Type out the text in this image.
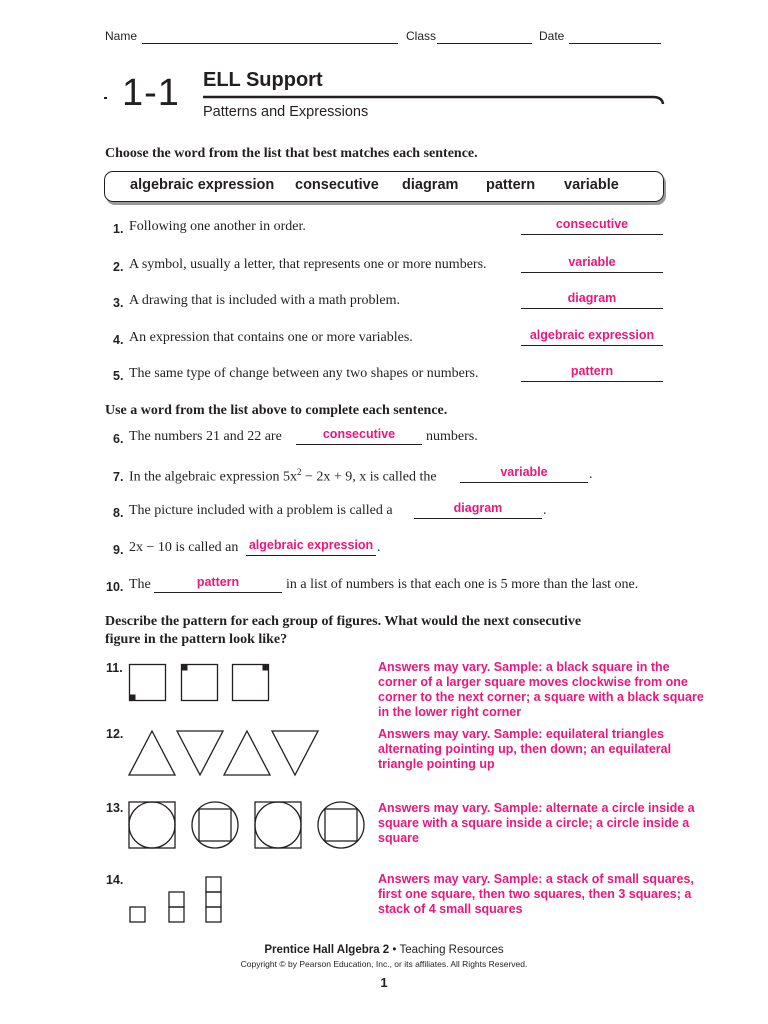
Name	Class	Date
1-1 ELL Support
Patterns and Expressions
Choose the word from the list that best matches each sentence.
algebraic expression consecutive diagram pattern variable
1. Following one another in order.	consecutive
2. A symbol, usually a letter, that represents one or more numbers.	variable
3. A drawing that is included with a math problem.	diagram
4. An expression that contains one or more variables.	algebraic expression
5. The same type of change between any two shapes or numbers.	pattern
Use a word from the list above to complete each sentence.
6. The numbers 21 and 22 are	consecutive	numbers.
7. In the algebraic expression $5x^2 - 2x + 9$, x is called the	variable	.
8. The picture included with a problem is called a	diagram	.
9. 2x − 10 is called an algebraic expression .
10. The	pattern	in a list of numbers is that each one is 5 more than the last one.
Describe the pattern for each group of figures. What would the next consecutive
figure in the pattern look like?
11.	Answers may vary. Sample: a black square in the corner of a larger square moves clockwise from one corner to the next corner; a square with a black square in the lower right corner
12.	Answers may vary. Sample: equilateral triangles alternating pointing up, then down; an equilateral triangle pointing up
13.	Answers may vary. Sample: alternate a circle inside a square with a square inside a circle; a circle inside a square
14.	Answers may vary. Sample: a stack of small squares, first one square, then two squares, then 3 squares; a stack of 4 small squares
Prentice Hall Algebra 2 • Teaching Resources
Copyright © by Pearson Education, Inc., or its affiliates. All Rights Reserved.
1
